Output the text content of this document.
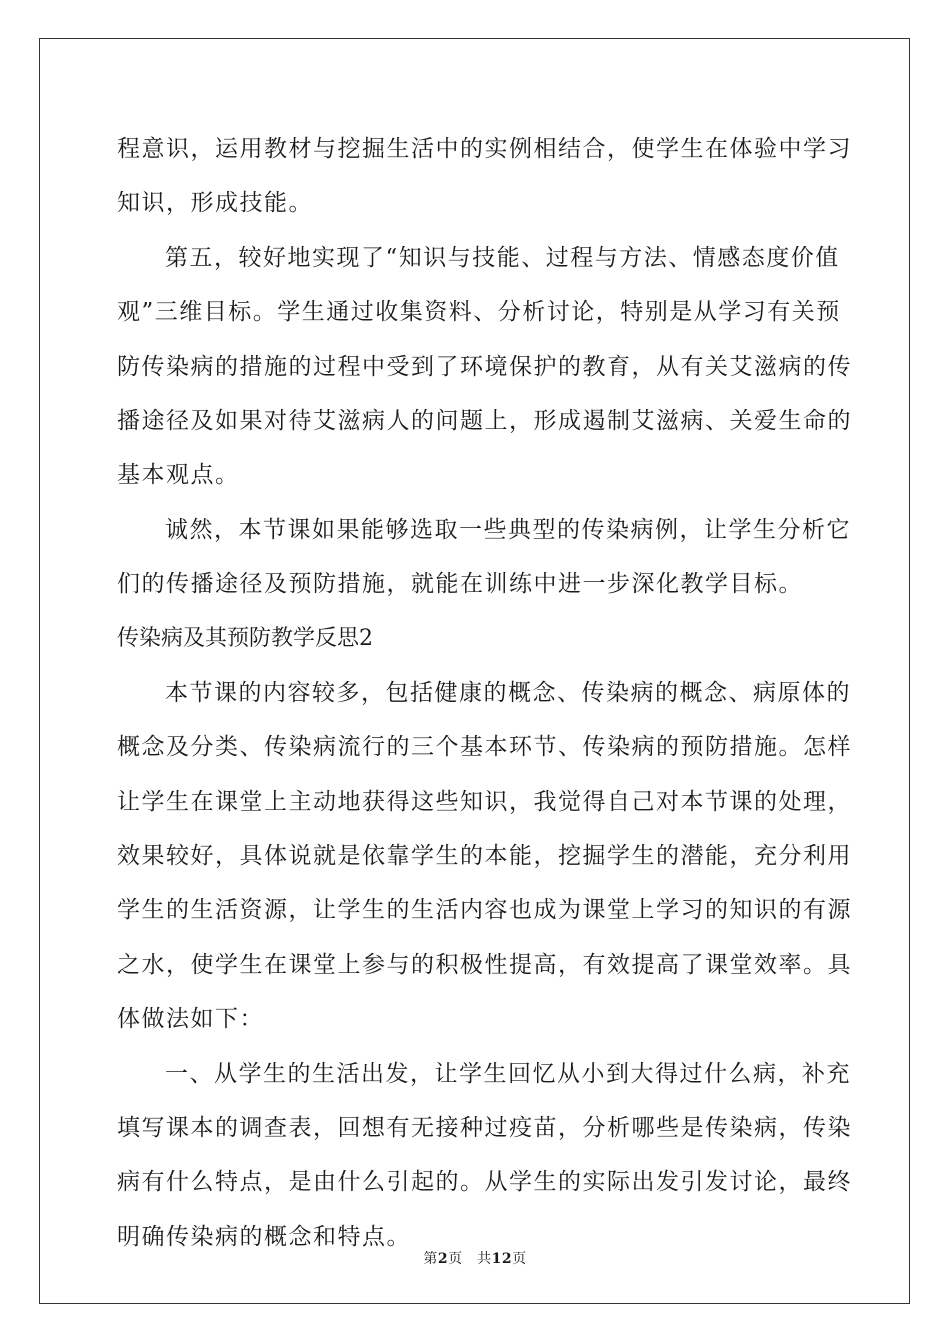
程意识，运用教材与挖掘生活中的实例相结合，使学生在体验中学习
知识，形成技能。
第五，较好地实现了“知识与技能、过程与方法、情感态度价值
观”三维目标。学生通过收集资料、分析讨论，特别是从学习有关预
防传染病的措施的过程中受到了环境保护的教育，从有关艾滋病的传
播途径及如果对待艾滋病人的问题上，形成遏制艾滋病、关爱生命的
基本观点。
诚然，本节课如果能够选取一些典型的传染病例，让学生分析它
们的传播途径及预防措施，就能在训练中进一步深化教学目标。
传染病及其预防教学反思2
本节课的内容较多，包括健康的概念、传染病的概念、病原体的
概念及分类、传染病流行的三个基本环节、传染病的预防措施。怎样
让学生在课堂上主动地获得这些知识，我觉得自己对本节课的处理，
效果较好，具体说就是依靠学生的本能，挖掘学生的潜能，充分利用
学生的生活资源，让学生的生活内容也成为课堂上学习的知识的有源
之水，使学生在课堂上参与的积极性提高，有效提高了课堂效率。具
体做法如下：
一、从学生的生活出发，让学生回忆从小到大得过什么病，补充
填写课本的调查表，回想有无接种过疫苗，分析哪些是传染病，传染
病有什么特点，是由什么引起的。从学生的实际出发引发讨论，最终
明确传染病的概念和特点。
第2页　共12页
